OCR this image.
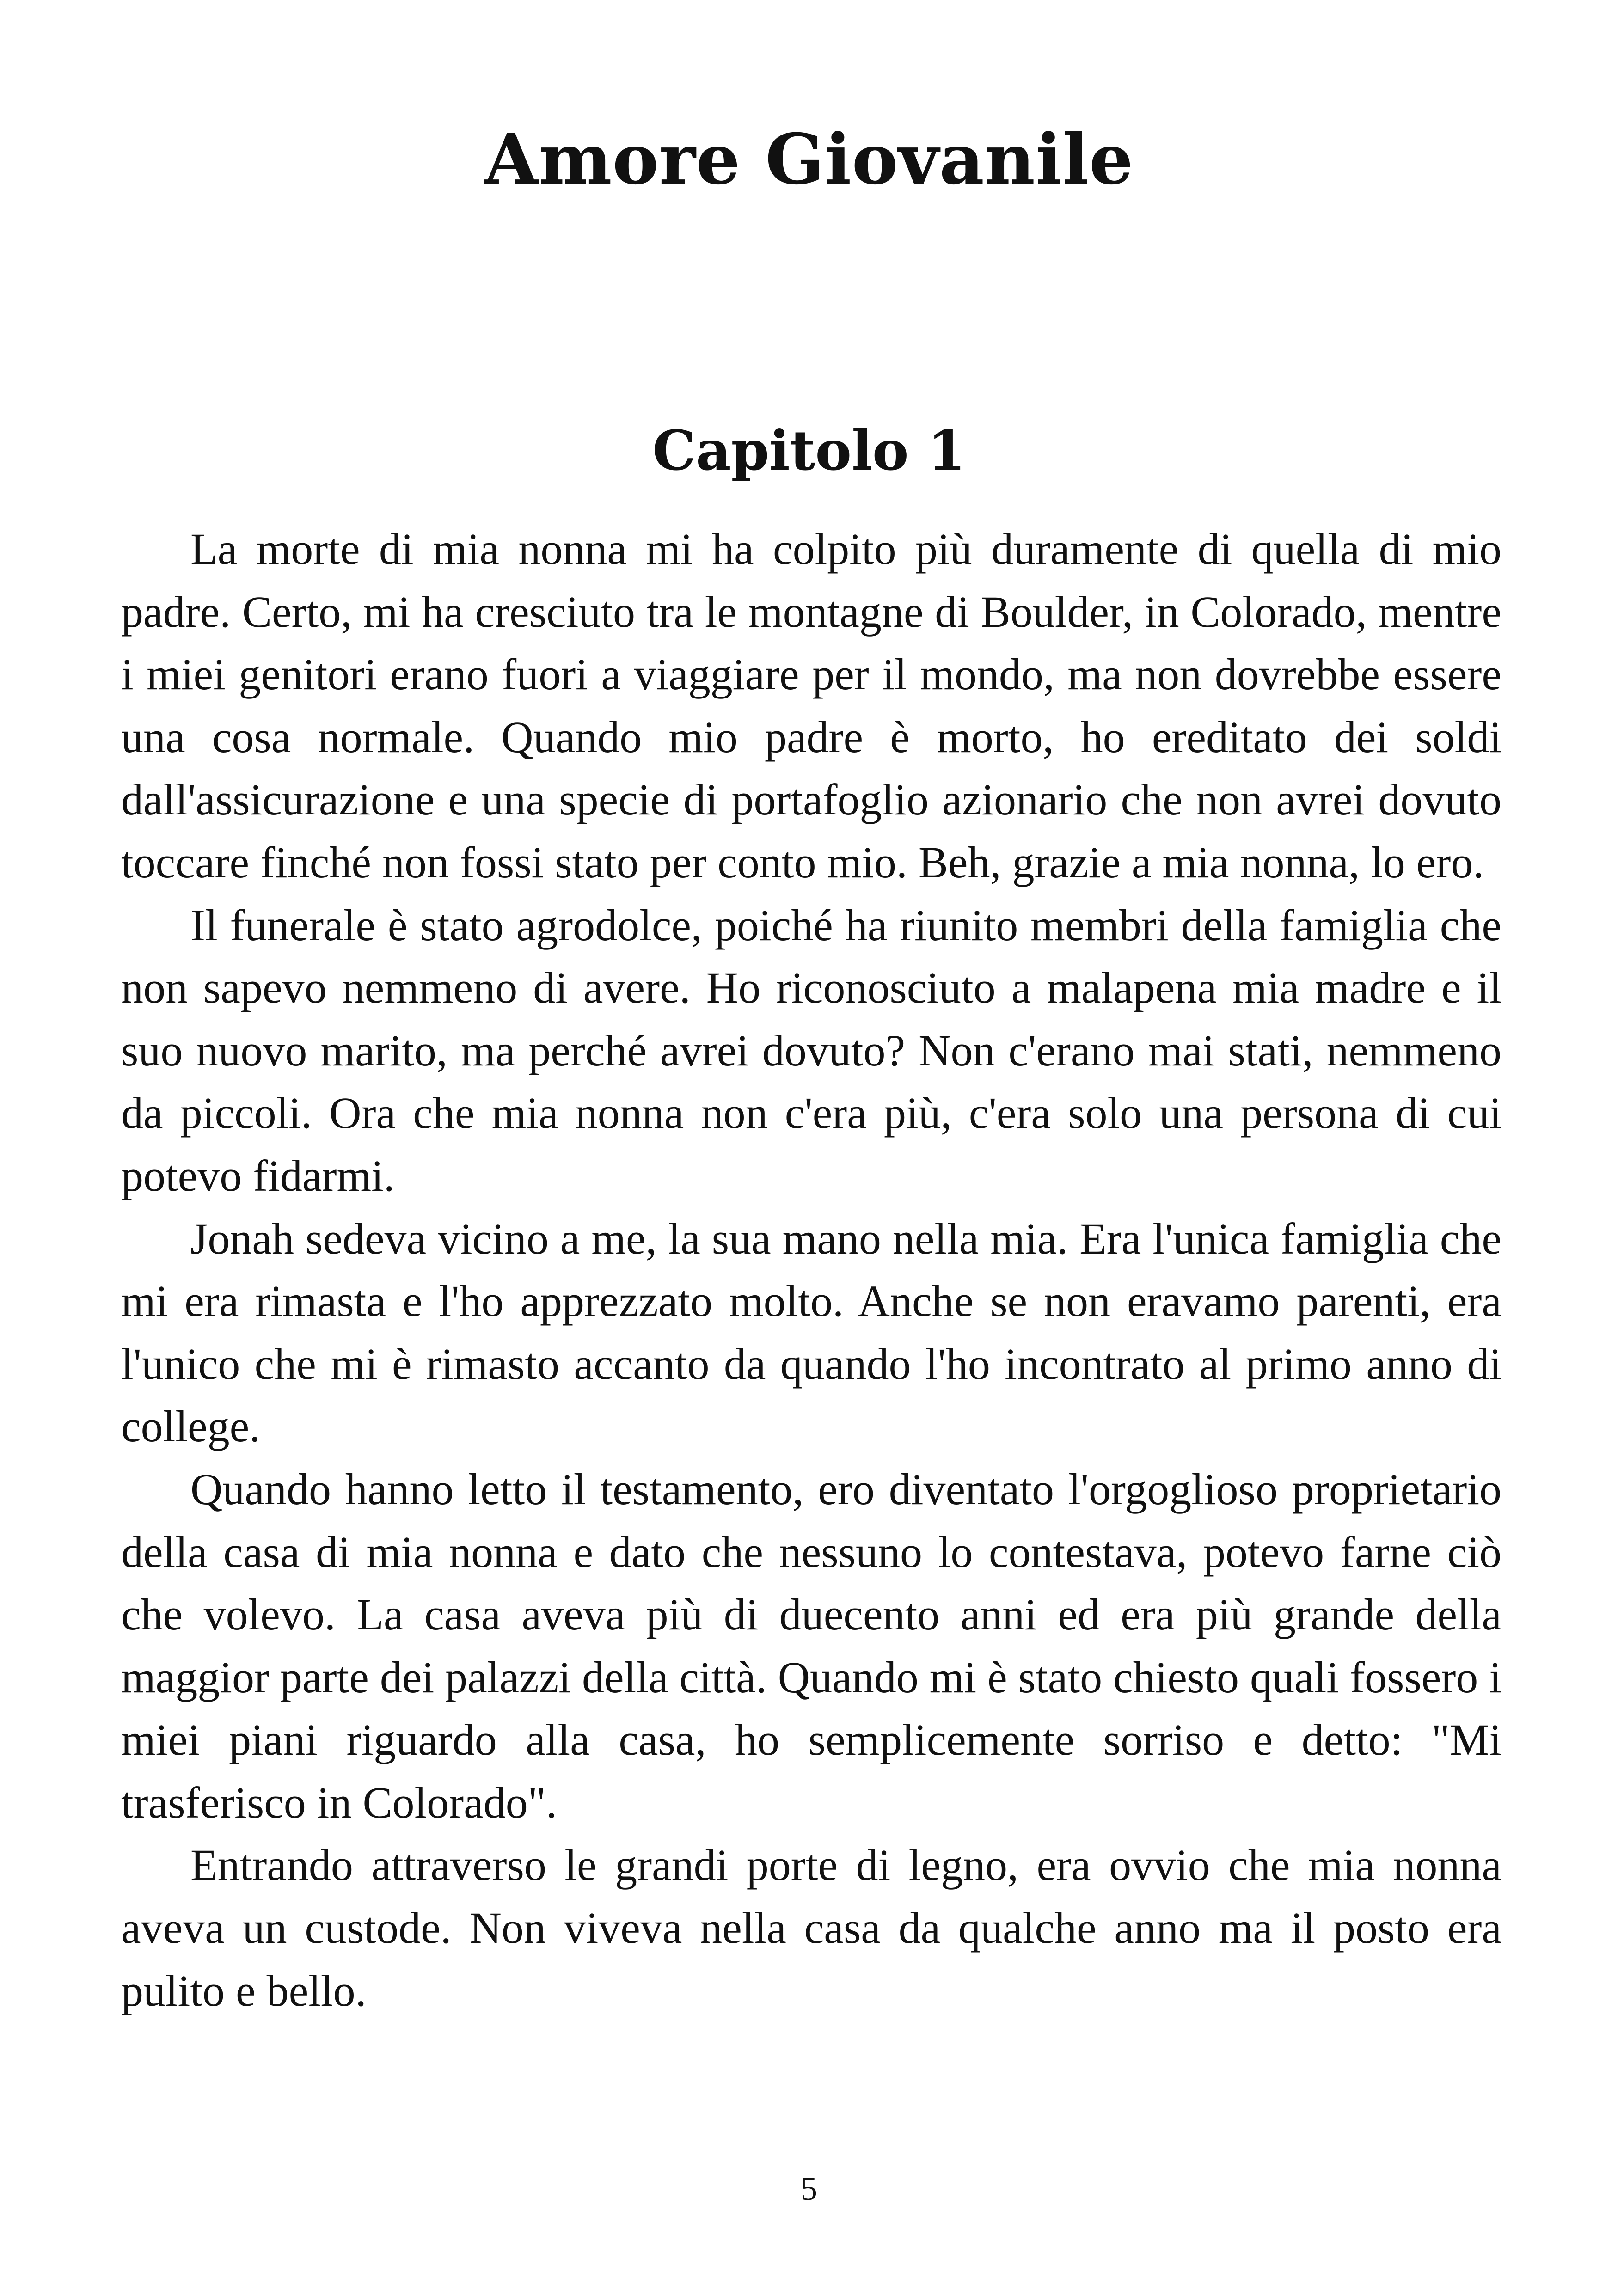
Amore Giovanile
Capitolo 1

La morte di mia nonna mi ha colpito più duramente di quella di mio padre. Certo, mi ha cresciuto tra le montagne di Boulder, in Colorado, mentre i miei genitori erano fuori a viaggiare per il mondo, ma non dovrebbe essere una cosa normale. Quando mio padre è morto, ho ereditato dei soldi dall'assicurazione e una specie di portafoglio azionario che non avrei dovuto toccare finché non fossi stato per conto mio. Beh, grazie a mia nonna, lo ero.

Il funerale è stato agrodolce, poiché ha riunito membri della famiglia che non sapevo nemmeno di avere. Ho riconosciuto a malapena mia madre e il suo nuovo marito, ma perché avrei dovuto? Non c'erano mai stati, nemmeno da piccoli. Ora che mia nonna non c'era più, c'era solo una persona di cui potevo fidarmi.

Jonah sedeva vicino a me, la sua mano nella mia. Era l'unica famiglia che mi era rimasta e l'ho apprezzato molto. Anche se non eravamo parenti, era l'unico che mi è rimasto accanto da quando l'ho incontrato al primo anno di college.

Quando hanno letto il testamento, ero diventato l'orgoglioso proprietario della casa di mia nonna e dato che nessuno lo contestava, potevo farne ciò che volevo. La casa aveva più di duecento anni ed era più grande della maggior parte dei palazzi della città. Quando mi è stato chiesto quali fossero i miei piani riguardo alla casa, ho semplicemente sorriso e detto: "Mi trasferisco in Colorado".

Entrando attraverso le grandi porte di legno, era ovvio che mia nonna aveva un custode. Non viveva nella casa da qualche anno ma il posto era pulito e bello.

5
